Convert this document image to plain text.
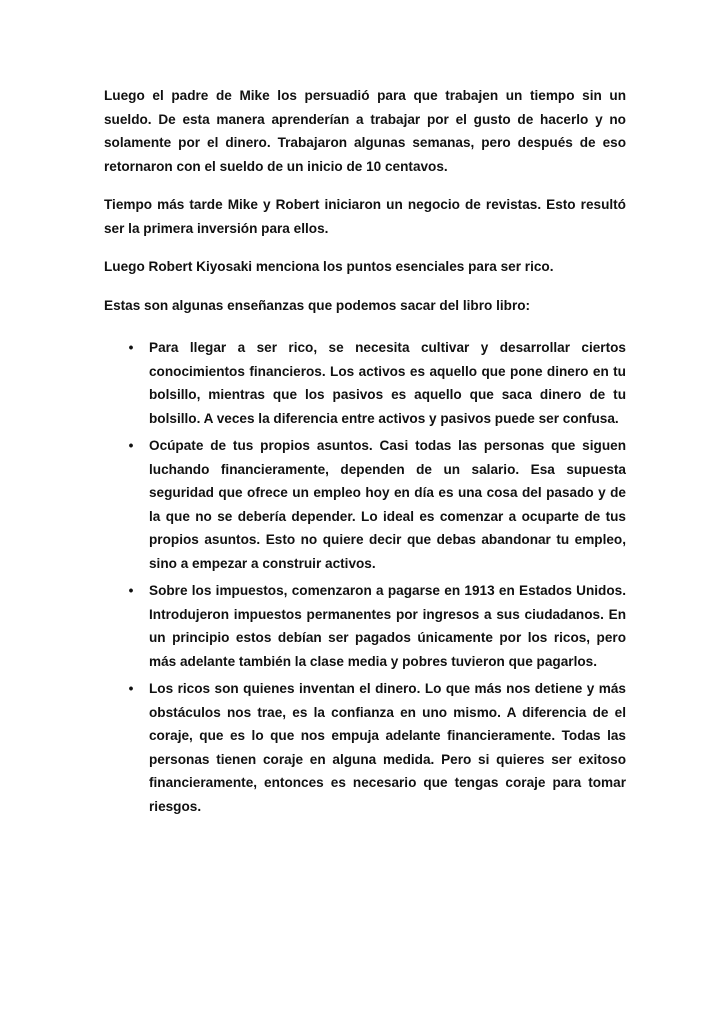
Luego el padre de Mike los persuadió para que trabajen un tiempo sin un sueldo. De esta manera aprenderían a trabajar por el gusto de hacerlo y no solamente por el dinero. Trabajaron algunas semanas, pero después de eso retornaron con el sueldo de un inicio de 10 centavos.

Tiempo más tarde Mike y Robert iniciaron un negocio de revistas. Esto resultó ser la primera inversión para ellos.

Luego Robert Kiyosaki menciona los puntos esenciales para ser rico.

Estas son algunas enseñanzas que podemos sacar del libro libro:

• Para llegar a ser rico, se necesita cultivar y desarrollar ciertos conocimientos financieros. Los activos es aquello que pone dinero en tu bolsillo, mientras que los pasivos es aquello que saca dinero de tu bolsillo. A veces la diferencia entre activos y pasivos puede ser confusa.
• Ocúpate de tus propios asuntos. Casi todas las personas que siguen luchando financieramente, dependen de un salario. Esa supuesta seguridad que ofrece un empleo hoy en día es una cosa del pasado y de la que no se debería depender. Lo ideal es comenzar a ocuparte de tus propios asuntos. Esto no quiere decir que debas abandonar tu empleo, sino a empezar a construir activos.
• Sobre los impuestos, comenzaron a pagarse en 1913 en Estados Unidos. Introdujeron impuestos permanentes por ingresos a sus ciudadanos. En un principio estos debían ser pagados únicamente por los ricos, pero más adelante también la clase media y pobres tuvieron que pagarlos.
• Los ricos son quienes inventan el dinero. Lo que más nos detiene y más obstáculos nos trae, es la confianza en uno mismo. A diferencia de el coraje, que es lo que nos empuja adelante financieramente. Todas las personas tienen coraje en alguna medida. Pero si quieres ser exitoso financieramente, entonces es necesario que tengas coraje para tomar riesgos.
